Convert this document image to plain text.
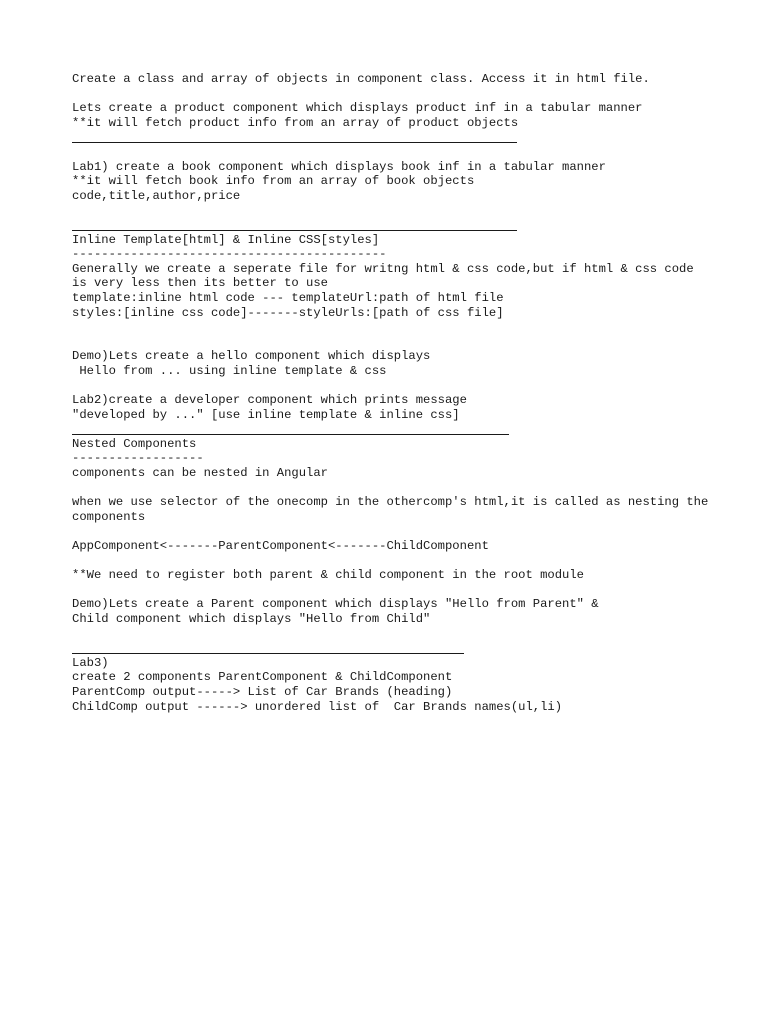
Create a class and array of objects in component class. Access it in html file.
Lets create a product component which displays product inf in a tabular manner
**it will fetch product info from an array of product objects
Lab1) create a book component which displays book inf in a tabular manner
**it will fetch book info from an array of book objects
code,title,author,price
Inline Template[html] & Inline CSS[styles]
-------------------------------------------
Generally we create a seperate file for writng html & css code,but if html & css code is very less then its better to use
template:inline html code --- templateUrl:path of html file
styles:[inline css code]-------styleUrls:[path of css file]
Demo)Lets create a hello component which displays
Hello from ... using inline template & css
Lab2)create a developer component which prints message
"developed by ..." [use inline template & inline css]
Nested Components
------------------
components can be nested in Angular
when we use selector of the onecomp in the othercomp's html,it is called as nesting the components
AppComponent<-------ParentComponent<-------ChildComponent
**We need to register both parent & child component in the root module
Demo)Lets create a Parent component which displays "Hello from Parent" &
Child component which displays "Hello from Child"
Lab3)
create 2 components ParentComponent & ChildComponent
ParentComp output-----> List of Car Brands (heading)
ChildComp output ------> unordered list of  Car Brands names(ul,li)
